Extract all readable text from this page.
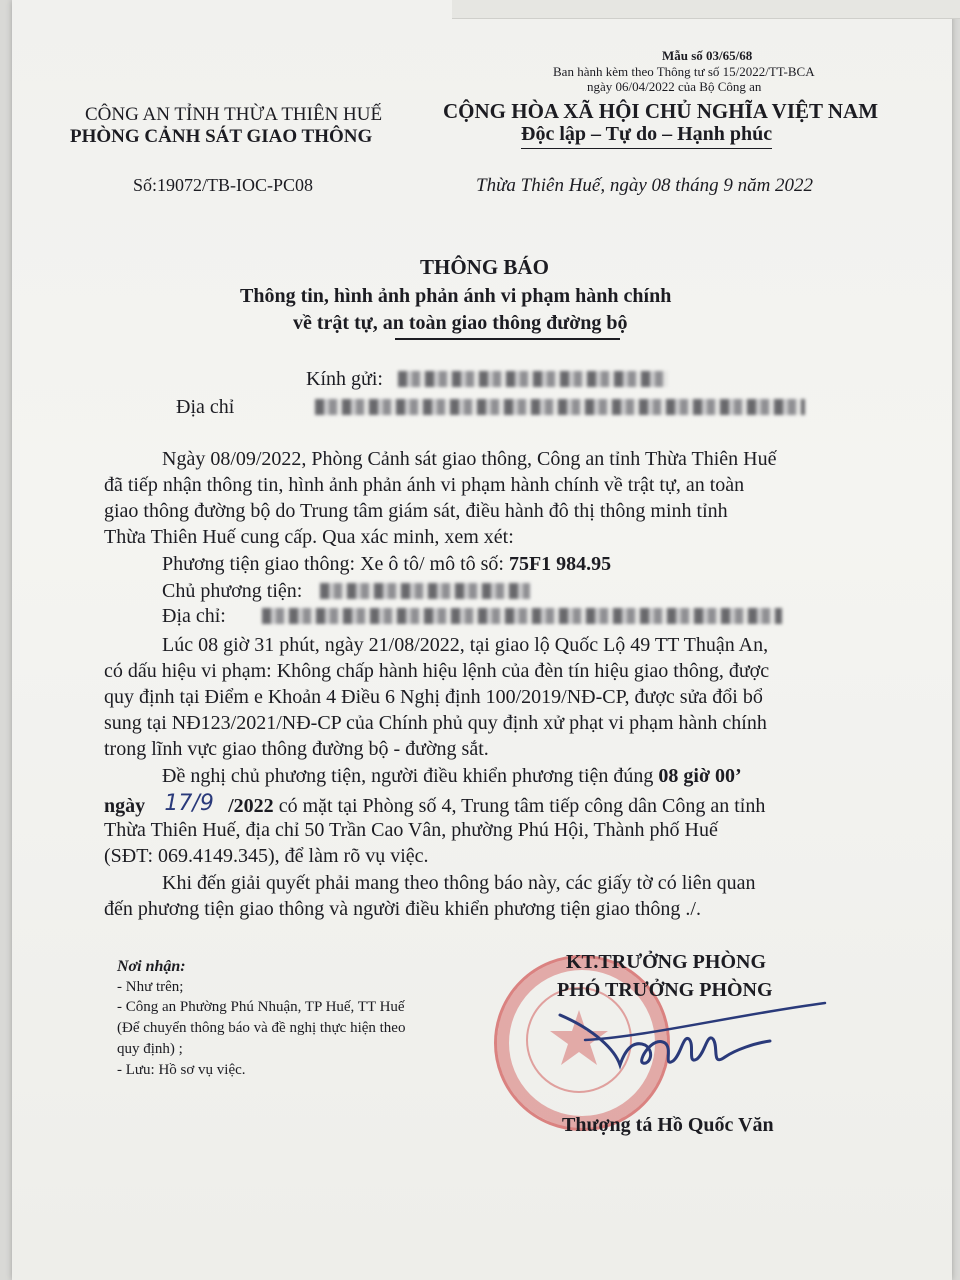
Mẫu số 03/65/68
Ban hành kèm theo Thông tư số 15/2022/TT-BCA
ngày 06/04/2022 của Bộ Công an
CÔNG AN TỈNH THỪA THIÊN HUẾ
PHÒNG CẢNH SÁT GIAO THÔNG
Số:19072/TB-IOC-PC08
CỘNG HÒA XÃ HỘI CHỦ NGHĨA VIỆT NAM
Độc lập – Tự do – Hạnh phúc
Thừa Thiên Huế, ngày 08 tháng 9 năm 2022
THÔNG BÁO
Thông tin, hình ảnh phản ánh vi phạm hành chính
về trật tự, an toàn giao thông đường bộ
Kính gửi:
Địa chỉ
Ngày 08/09/2022, Phòng Cảnh sát giao thông, Công an tỉnh Thừa Thiên Huế
đã tiếp nhận thông tin, hình ảnh phản ánh vi phạm hành chính về trật tự, an toàn
giao thông đường bộ do Trung tâm giám sát, điều hành đô thị thông minh tỉnh
Thừa Thiên Huế cung cấp. Qua xác minh, xem xét:
Phương tiện giao thông: Xe ô tô/ mô tô số: 75F1 984.95
Chủ phương tiện:
Địa chỉ:
Lúc 08 giờ 31 phút, ngày 21/08/2022, tại giao lộ Quốc Lộ 49 TT Thuận An,
có dấu hiệu vi phạm: Không chấp hành hiệu lệnh của đèn tín hiệu giao thông, được
quy định tại Điểm e Khoản 4 Điều 6 Nghị định 100/2019/NĐ-CP, được sửa đổi bổ
sung tại NĐ123/2021/NĐ-CP của Chính phủ quy định xử phạt vi phạm hành chính
trong lĩnh vực giao thông đường bộ - đường sắt.
Đề nghị chủ phương tiện, người điều khiển phương tiện đúng 08 giờ 00’
ngày 17/9 /2022 có mặt tại Phòng số 4, Trung tâm tiếp công dân Công an tỉnh
Thừa Thiên Huế, địa chỉ 50 Trần Cao Vân, phường Phú Hội, Thành phố Huế
(SĐT: 069.4149.345), để làm rõ vụ việc.
Khi đến giải quyết phải mang theo thông báo này, các giấy tờ có liên quan
đến phương tiện giao thông và người điều khiển phương tiện giao thông ./.
Nơi nhận:
- Như trên;
- Công an Phường Phú Nhuận, TP Huế, TT Huế
(Để chuyển thông báo và đề nghị thực hiện theo
quy định) ;
- Lưu: Hồ sơ vụ việc.
KT.TRƯỞNG PHÒNG
PHÓ TRƯỞNG PHÒNG
Thượng tá Hồ Quốc Văn
